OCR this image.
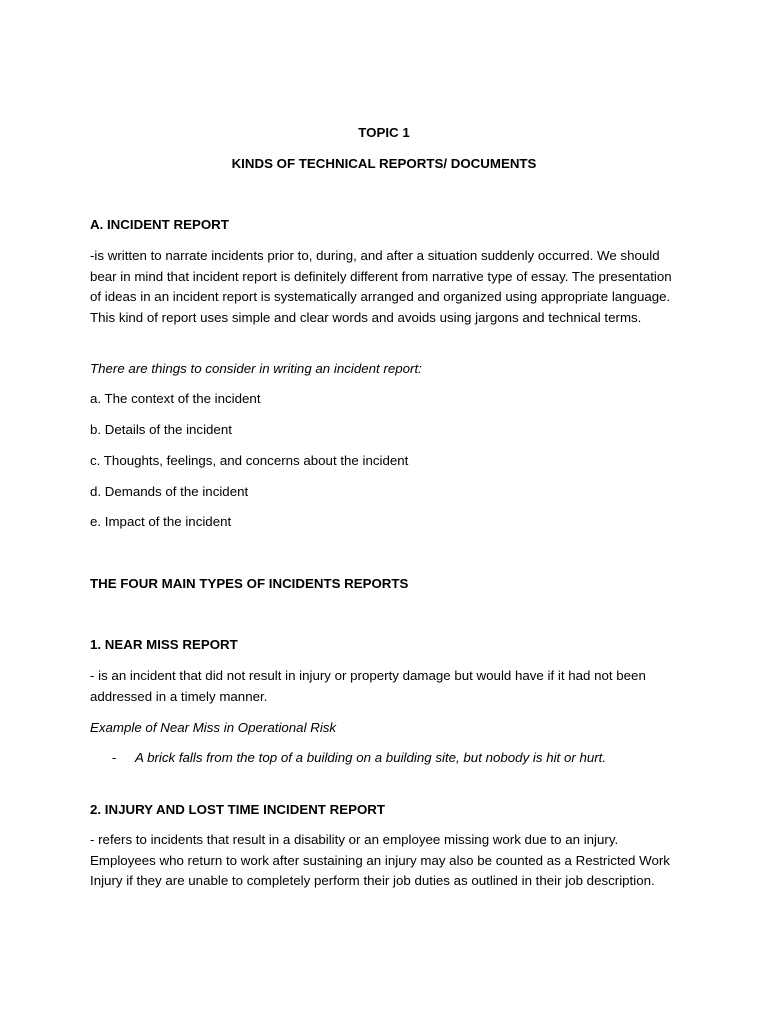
TOPIC 1
KINDS OF TECHNICAL REPORTS/ DOCUMENTS
A. INCIDENT REPORT

-is written to narrate incidents prior to, during, and after a situation suddenly occurred. We should bear in mind that incident report is definitely different from narrative type of essay. The presentation of ideas in an incident report is systematically arranged and organized using appropriate language. This kind of report uses simple and clear words and avoids using jargons and technical terms.

There are things to consider in writing an incident report:
a. The context of the incident
b. Details of the incident
c. Thoughts, feelings, and concerns about the incident
d. Demands of the incident
e. Impact of the incident
THE FOUR MAIN TYPES OF INCIDENTS REPORTS
1. NEAR MISS REPORT

- is an incident that did not result in injury or property damage but would have if it had not been addressed in a timely manner.

Example of Near Miss in Operational Risk
- A brick falls from the top of a building on a building site, but nobody is hit or hurt.
2. INJURY AND LOST TIME INCIDENT REPORT

- refers to incidents that result in a disability or an employee missing work due to an injury. Employees who return to work after sustaining an injury may also be counted as a Restricted Work Injury if they are unable to completely perform their job duties as outlined in their job description.
